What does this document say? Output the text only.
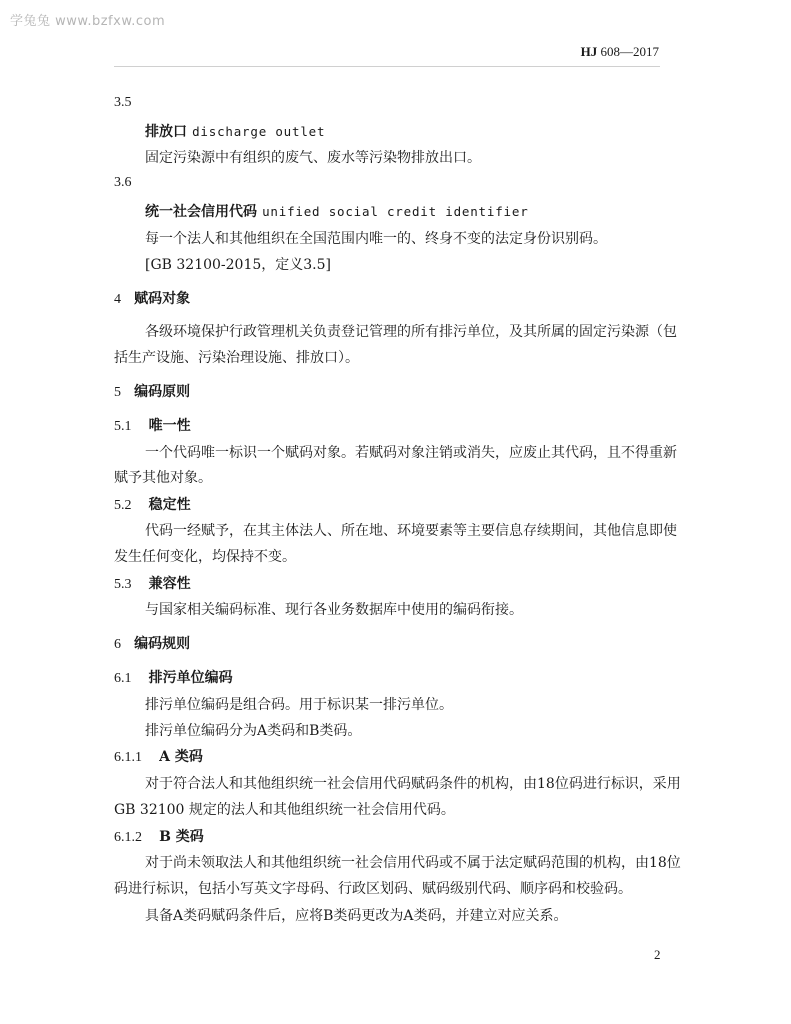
学兔兔 www.bzfxw.com
HJ 608—2017
3.5
排放口 discharge outlet
固定污染源中有组织的废气、废水等污染物排放出口。
3.6
统一社会信用代码 unified social credit identifier
每一个法人和其他组织在全国范围内唯一的、终身不变的法定身份识别码。
[GB 32100-2015，定义3.5]
4 赋码对象
各级环境保护行政管理机关负责登记管理的所有排污单位，及其所属的固定污染源（包
括生产设施、污染治理设施、排放口）。
5 编码原则
5.1 唯一性
一个代码唯一标识一个赋码对象。若赋码对象注销或消失，应废止其代码，且不得重新
赋予其他对象。
5.2 稳定性
代码一经赋予，在其主体法人、所在地、环境要素等主要信息存续期间，其他信息即使
发生任何变化，均保持不变。
5.3 兼容性
与国家相关编码标准、现行各业务数据库中使用的编码衔接。
6 编码规则
6.1 排污单位编码
排污单位编码是组合码。用于标识某一排污单位。
排污单位编码分为A类码和B类码。
6.1.1 A 类码
对于符合法人和其他组织统一社会信用代码赋码条件的机构，由18位码进行标识，采用
GB 32100 规定的法人和其他组织统一社会信用代码。
6.1.2 B 类码
对于尚未领取法人和其他组织统一社会信用代码或不属于法定赋码范围的机构，由18位
码进行标识，包括小写英文字母码、行政区划码、赋码级别代码、顺序码和校验码。
具备A类码赋码条件后，应将B类码更改为A类码，并建立对应关系。
2
